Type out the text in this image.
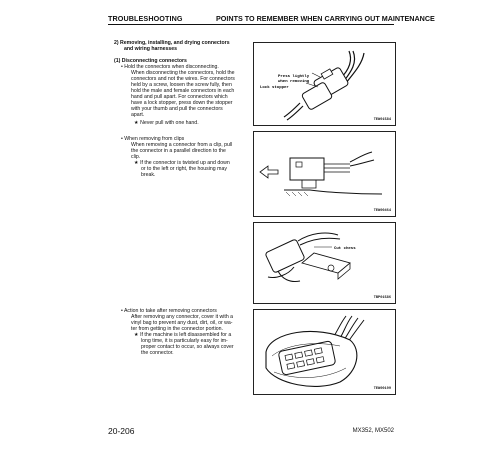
TROUBLESHOOTING	POINTS TO REMEMBER WHEN CARRYING OUT MAINTENANCE
2) Removing, installing, and drying connectors
and wiring harnesses
(1) Disconnecting connectors
• Hold the connectors when disconnecting.
When disconnecting the connectors, hold the
connectors and not the wires. For connectors
held by a screw, loosen the screw fully, then
hold the male and female connectors in each
hand and pull apart. For connectors which
have a lock stopper, press down the stopper
with your thumb and pull the connectors
apart.
★ Never pull with one hand.
• When removing from clips
When removing a connector from a clip, pull
the connector in a parallel direction to the
clip.
★ If the connector is twisted up and down
or to the left or right, the housing may
break.
• Action to take after removing connectors
After removing any connector, cover it with a
vinyl bag to prevent any dust, dirt, oil, or wa-
ter from getting in the connector portion.
★ If the machine is left disassembled for a
long time, it is particularly easy for im-
proper contact to occur, so always cover
the connector.
Press lightly
when removing
Lock stopper
TEW01584
TEW00464
Cut chess
TBP01586
TEW00199
20-206	MX352, MX502
